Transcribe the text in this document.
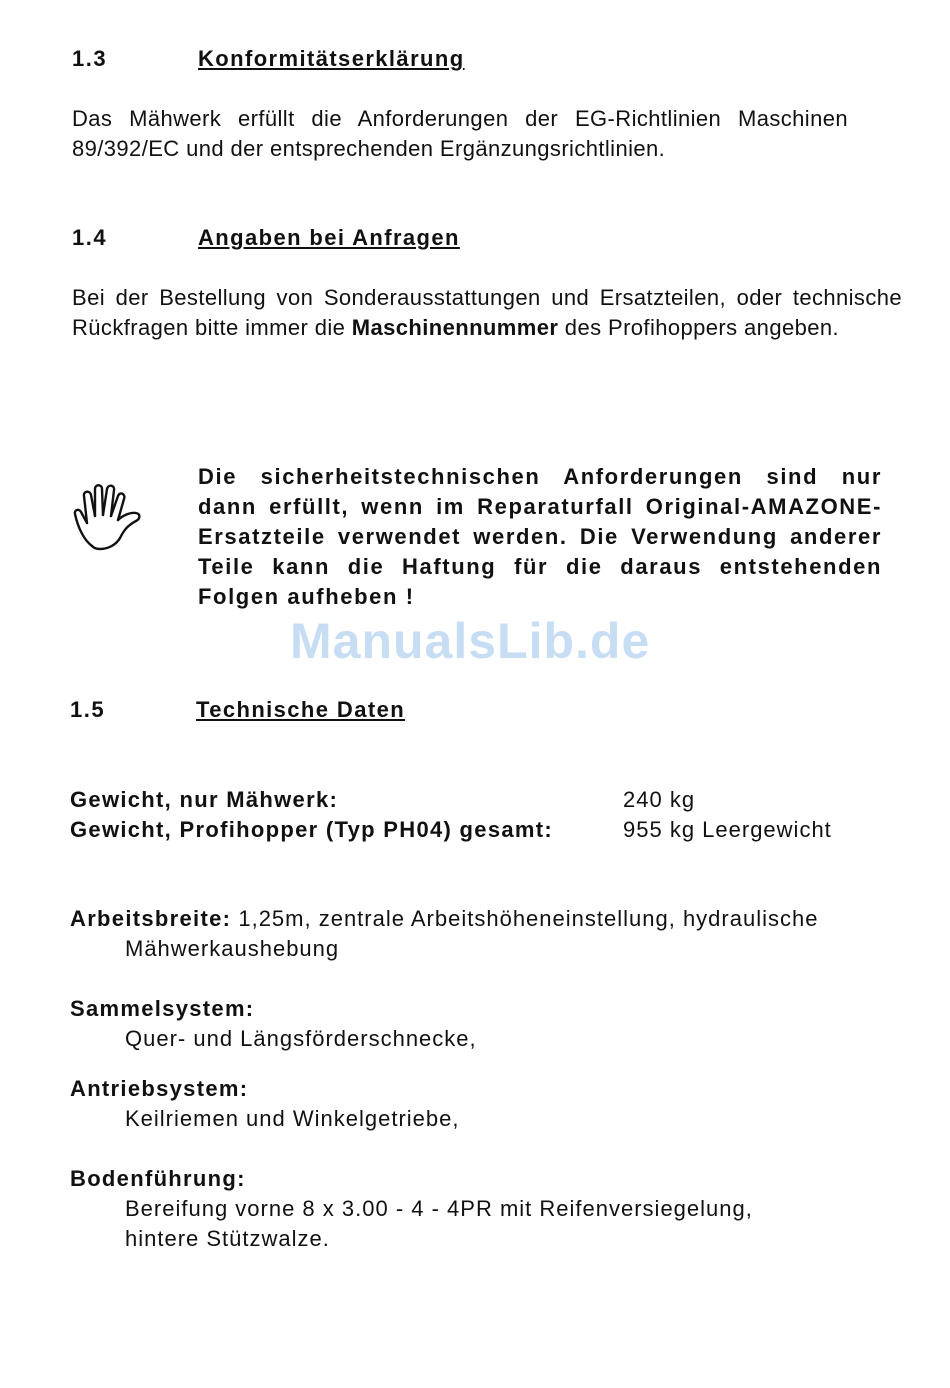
1.3	Konformitätserklärung
Das Mähwerk erfüllt die Anforderungen der EG-Richtlinien Maschinen 89/392/EC und der entsprechenden Ergänzungsrichtlinien.
1.4	Angaben bei Anfragen
Bei der Bestellung von Sonderausstattungen und Ersatzteilen, oder technische Rückfragen bitte immer die Maschinennummer des Profihoppers angeben.
Die sicherheitstechnischen Anforderungen sind nur dann erfüllt, wenn im Reparaturfall Original-AMAZONE-Ersatzteile verwendet werden. Die Verwendung anderer Teile kann die Haftung für die daraus entstehenden Folgen aufheben !
ManualsLib.de
1.5	Technische Daten
Gewicht, nur Mähwerk:	240 kg
Gewicht, Profihopper (Typ PH04) gesamt:	955 kg Leergewicht
Arbeitsbreite: 1,25m, zentrale Arbeitshöheneinstellung, hydraulische
Mähwerkaushebung
Sammelsystem:
Quer- und Längsförderschnecke,
Antriebsystem:
Keilriemen und Winkelgetriebe,
Bodenführung:
Bereifung vorne 8 x 3.00 - 4 - 4PR mit Reifenversiegelung,
hintere Stützwalze.
